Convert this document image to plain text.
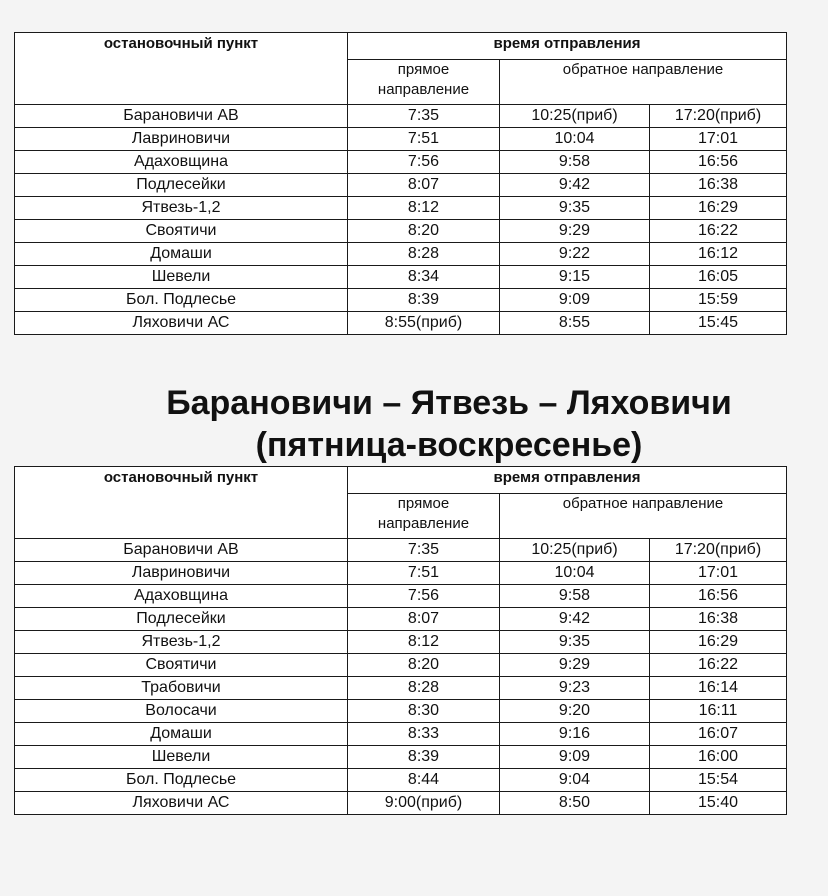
остановочный пункт	время отправления		

	прямое
направление	обратное направление	
Барановичи АВ	7:35	10:25(приб)	17:20(приб)
Лавриновичи	7:51	10:04	17:01
Адаховщина	7:56	9:58	16:56
Подлесейки	8:07	9:42	16:38
Ятвезь-1,2	8:12	9:35	16:29
Своятичи	8:20	9:29	16:22
Домаши	8:28	9:22	16:12
Шевели	8:34	9:15	16:05
Бол. Подлесье	8:39	9:09	15:59
Ляховичи АС	8:55(приб)	8:55	15:45
Барановичи – Ятвезь – Ляховичи
(пятница-воскресенье)
остановочный пункт	время отправления		

	прямое
направление	обратное направление	
Барановичи АВ	7:35	10:25(приб)	17:20(приб)
Лавриновичи	7:51	10:04	17:01
Адаховщина	7:56	9:58	16:56
Подлесейки	8:07	9:42	16:38
Ятвезь-1,2	8:12	9:35	16:29
Своятичи	8:20	9:29	16:22
Трабовичи	8:28	9:23	16:14
Волосачи	8:30	9:20	16:11
Домаши	8:33	9:16	16:07
Шевели	8:39	9:09	16:00
Бол. Подлесье	8:44	9:04	15:54
Ляховичи АС	9:00(приб)	8:50	15:40
